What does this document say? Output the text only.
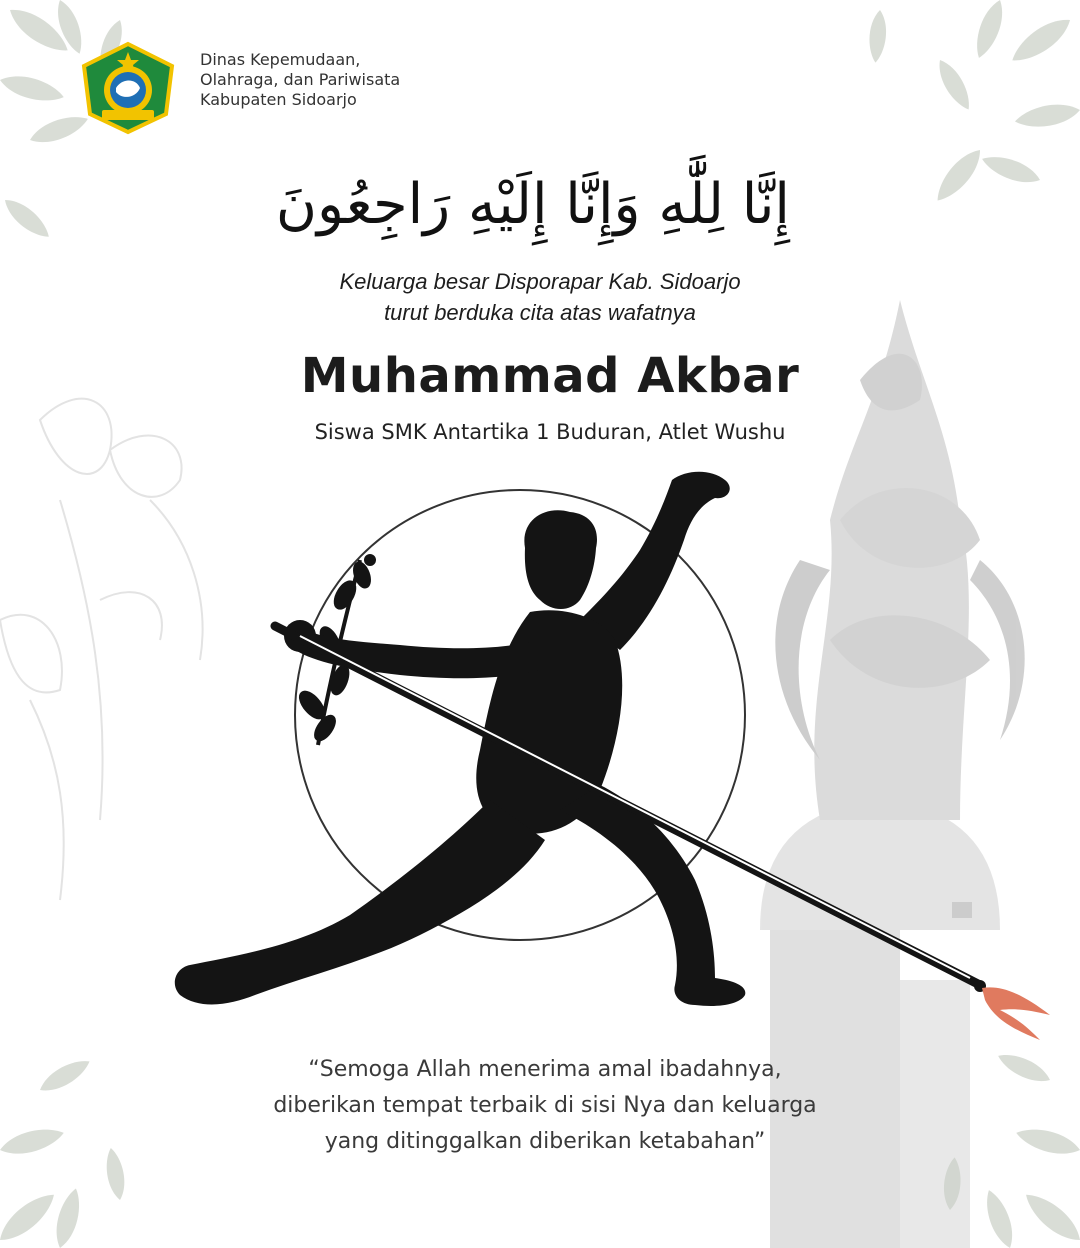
Dinas Kepemudaan,
Olahraga, dan Pariwisata
Kabupaten Sidoarjo
إِنَّا لِلَّٰهِ وَإِنَّا إِلَيْهِ رَاجِعُونَ
Keluarga besar Disporapar Kab. Sidoarjo
turut berduka cita atas wafatnya
Muhammad Akbar
Siswa SMK Antartika 1 Buduran, Atlet Wushu
“Semoga Allah menerima amal ibadahnya,
diberikan tempat terbaik di sisi Nya dan keluarga
yang ditinggalkan diberikan ketabahan”
